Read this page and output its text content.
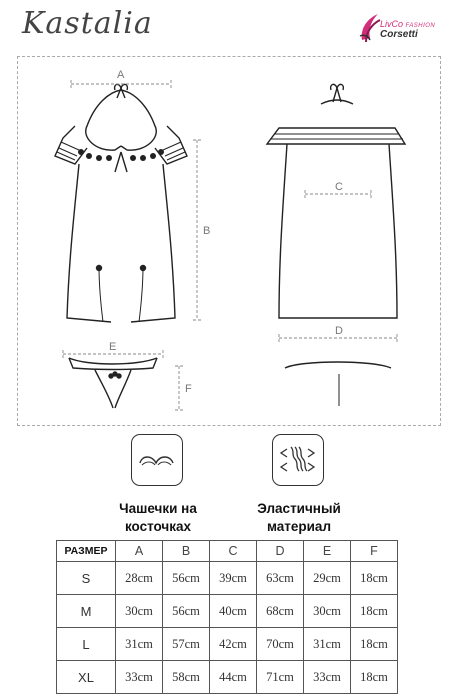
Kastalia	LivCo FASHION
Corsetti
A
B
C
D
E
F
Чашечки на
косточках
Эластичный
материал
РАЗМЕР	A	B	C	D	E	F
S	28cm	56cm	39cm	63cm	29cm	18cm
M	30cm	56cm	40cm	68cm	30cm	18cm
L	31cm	57cm	42cm	70cm	31cm	18cm
XL	33cm	58cm	44cm	71cm	33cm	18cm
